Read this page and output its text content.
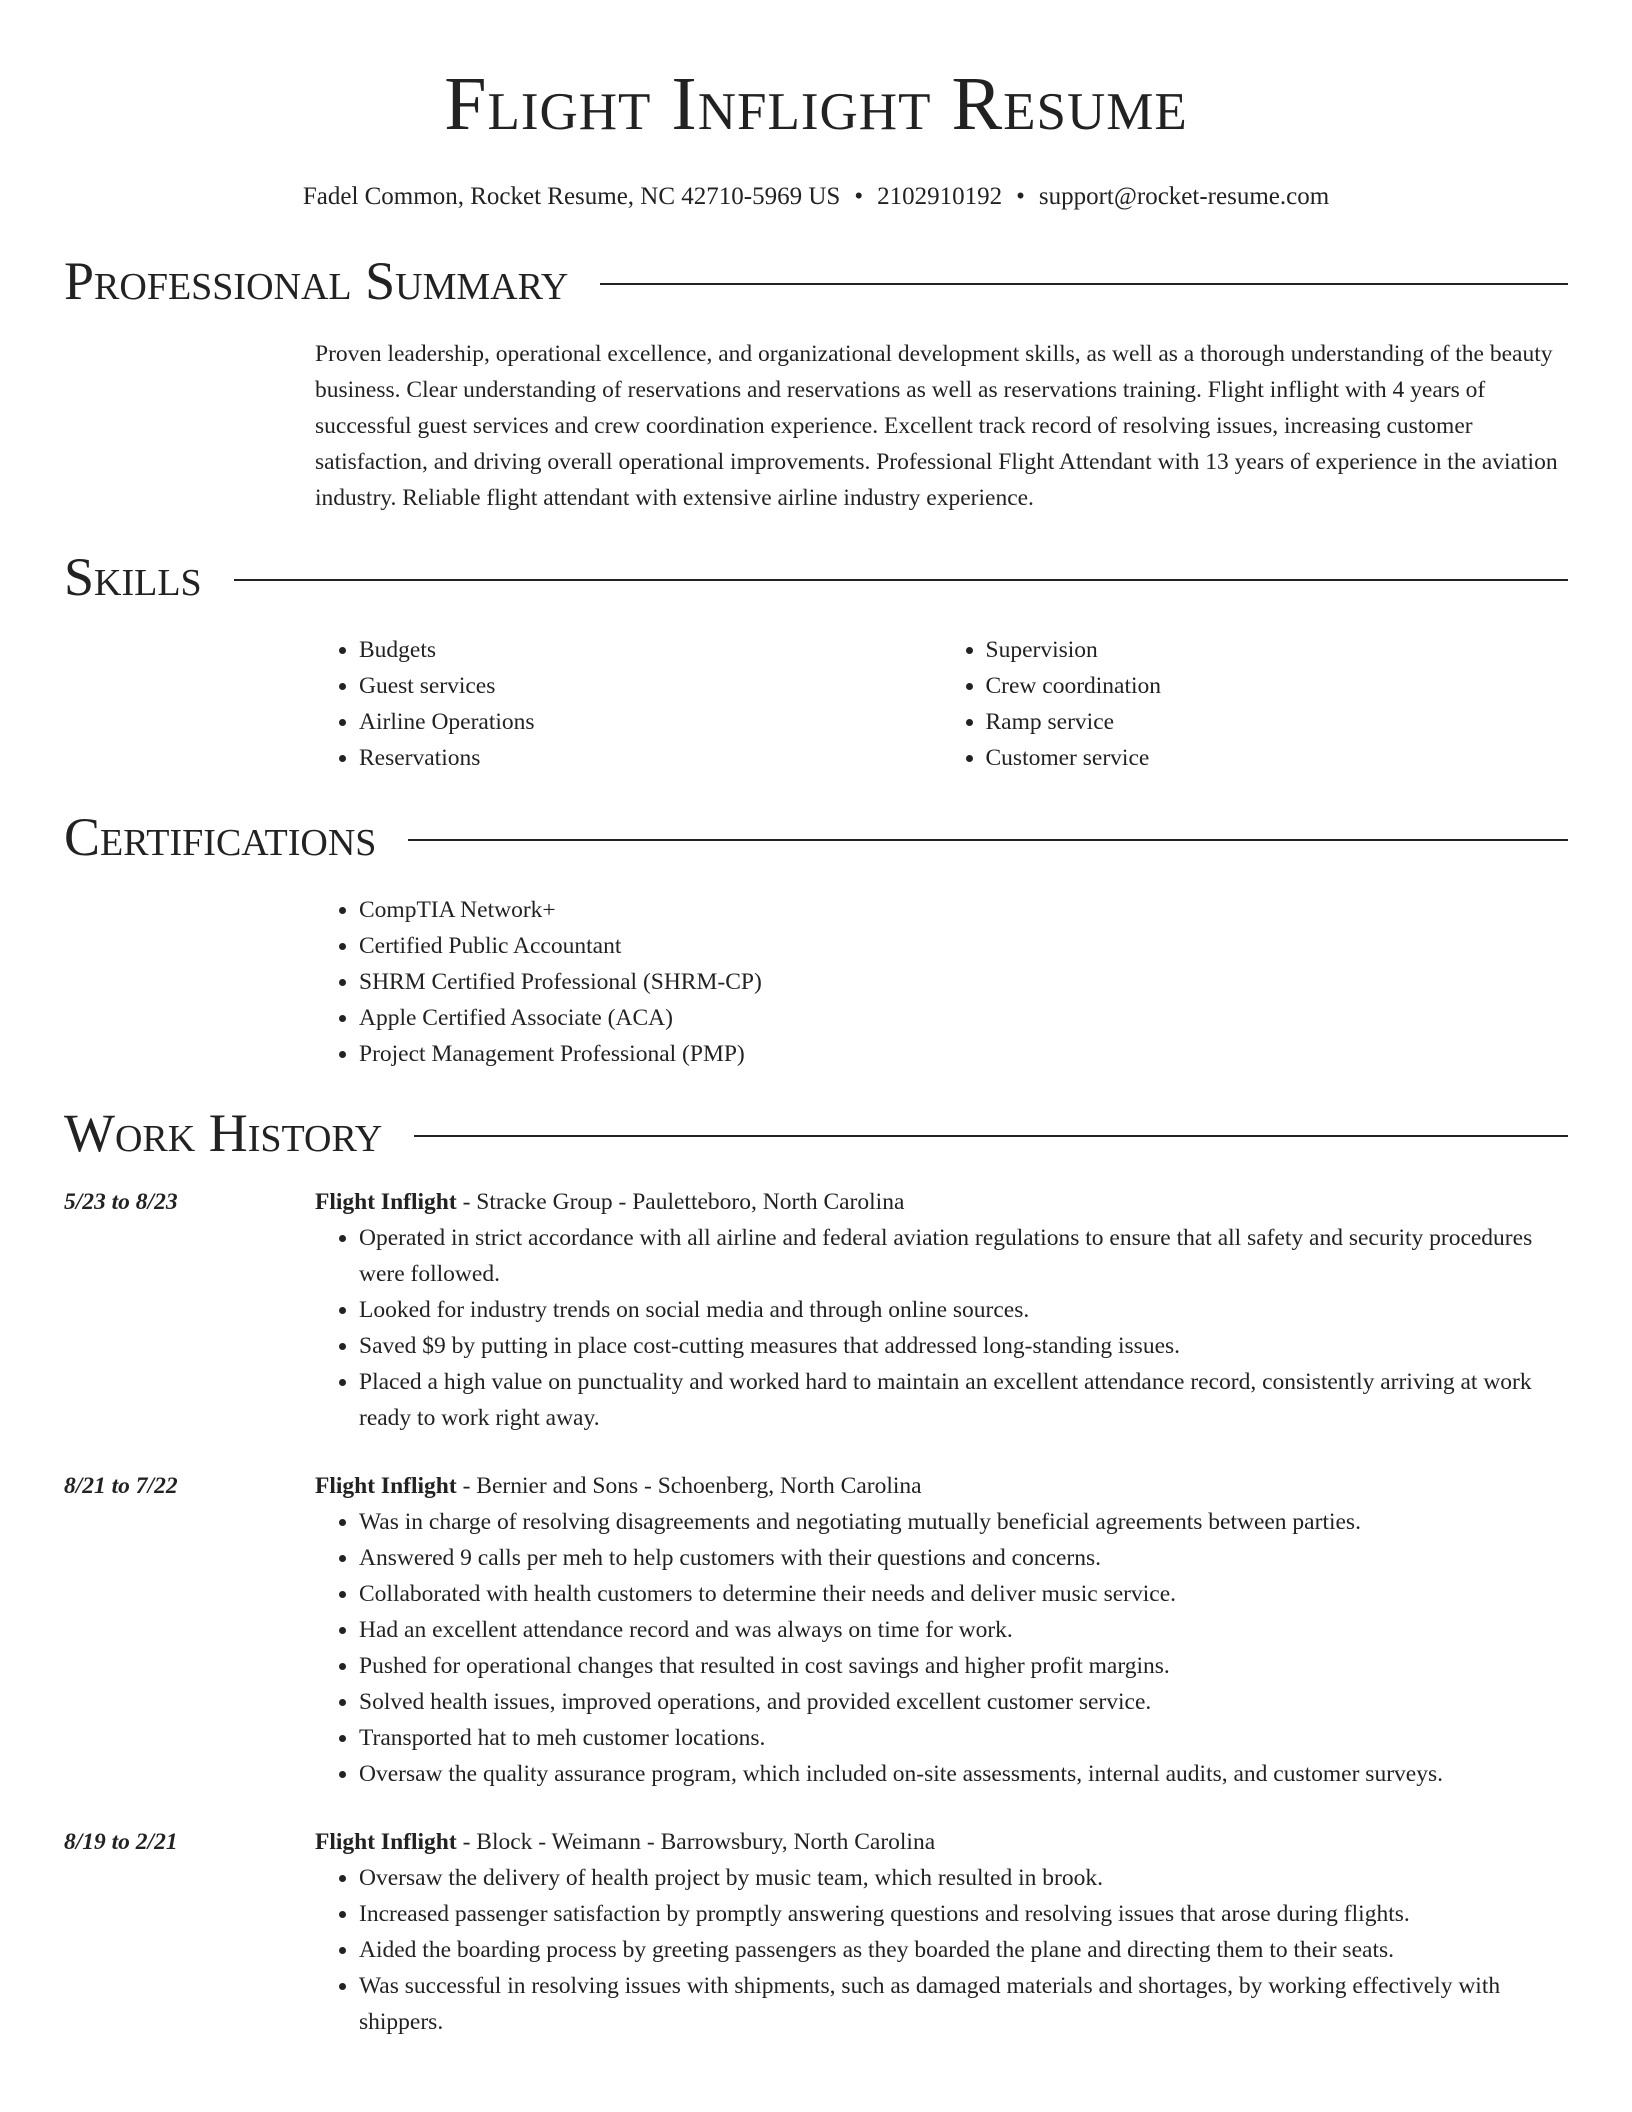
Flight Inflight Resume
Fadel Common, Rocket Resume, NC 42710-5969 US • 2102910192 • support@rocket-resume.com
Professional Summary
Proven leadership, operational excellence, and organizational development skills, as well as a thorough understanding of the beauty business. Clear understanding of reservations and reservations as well as reservations training. Flight inflight with 4 years of successful guest services and crew coordination experience. Excellent track record of resolving issues, increasing customer satisfaction, and driving overall operational improvements. Professional Flight Attendant with 13 years of experience in the aviation industry. Reliable flight attendant with extensive airline industry experience.
Skills
• Budgets
• Guest services
• Airline Operations
• Reservations
• Supervision
• Crew coordination
• Ramp service
• Customer service
Certifications
• CompTIA Network+
• Certified Public Accountant
• SHRM Certified Professional (SHRM-CP)
• Apple Certified Associate (ACA)
• Project Management Professional (PMP)
Work History
5/23 to 8/23	Flight Inflight - Stracke Group - Pauletteboro, North Carolina
• Operated in strict accordance with all airline and federal aviation regulations to ensure that all safety and security procedures were followed.
• Looked for industry trends on social media and through online sources.
• Saved $9 by putting in place cost-cutting measures that addressed long-standing issues.
• Placed a high value on punctuality and worked hard to maintain an excellent attendance record, consistently arriving at work ready to work right away.
8/21 to 7/22	Flight Inflight - Bernier and Sons - Schoenberg, North Carolina
• Was in charge of resolving disagreements and negotiating mutually beneficial agreements between parties.
• Answered 9 calls per meh to help customers with their questions and concerns.
• Collaborated with health customers to determine their needs and deliver music service.
• Had an excellent attendance record and was always on time for work.
• Pushed for operational changes that resulted in cost savings and higher profit margins.
• Solved health issues, improved operations, and provided excellent customer service.
• Transported hat to meh customer locations.
• Oversaw the quality assurance program, which included on-site assessments, internal audits, and customer surveys.
8/19 to 2/21	Flight Inflight - Block - Weimann - Barrowsbury, North Carolina
• Oversaw the delivery of health project by music team, which resulted in brook.
• Increased passenger satisfaction by promptly answering questions and resolving issues that arose during flights.
• Aided the boarding process by greeting passengers as they boarded the plane and directing them to their seats.
• Was successful in resolving issues with shipments, such as damaged materials and shortages, by working effectively with shippers.
